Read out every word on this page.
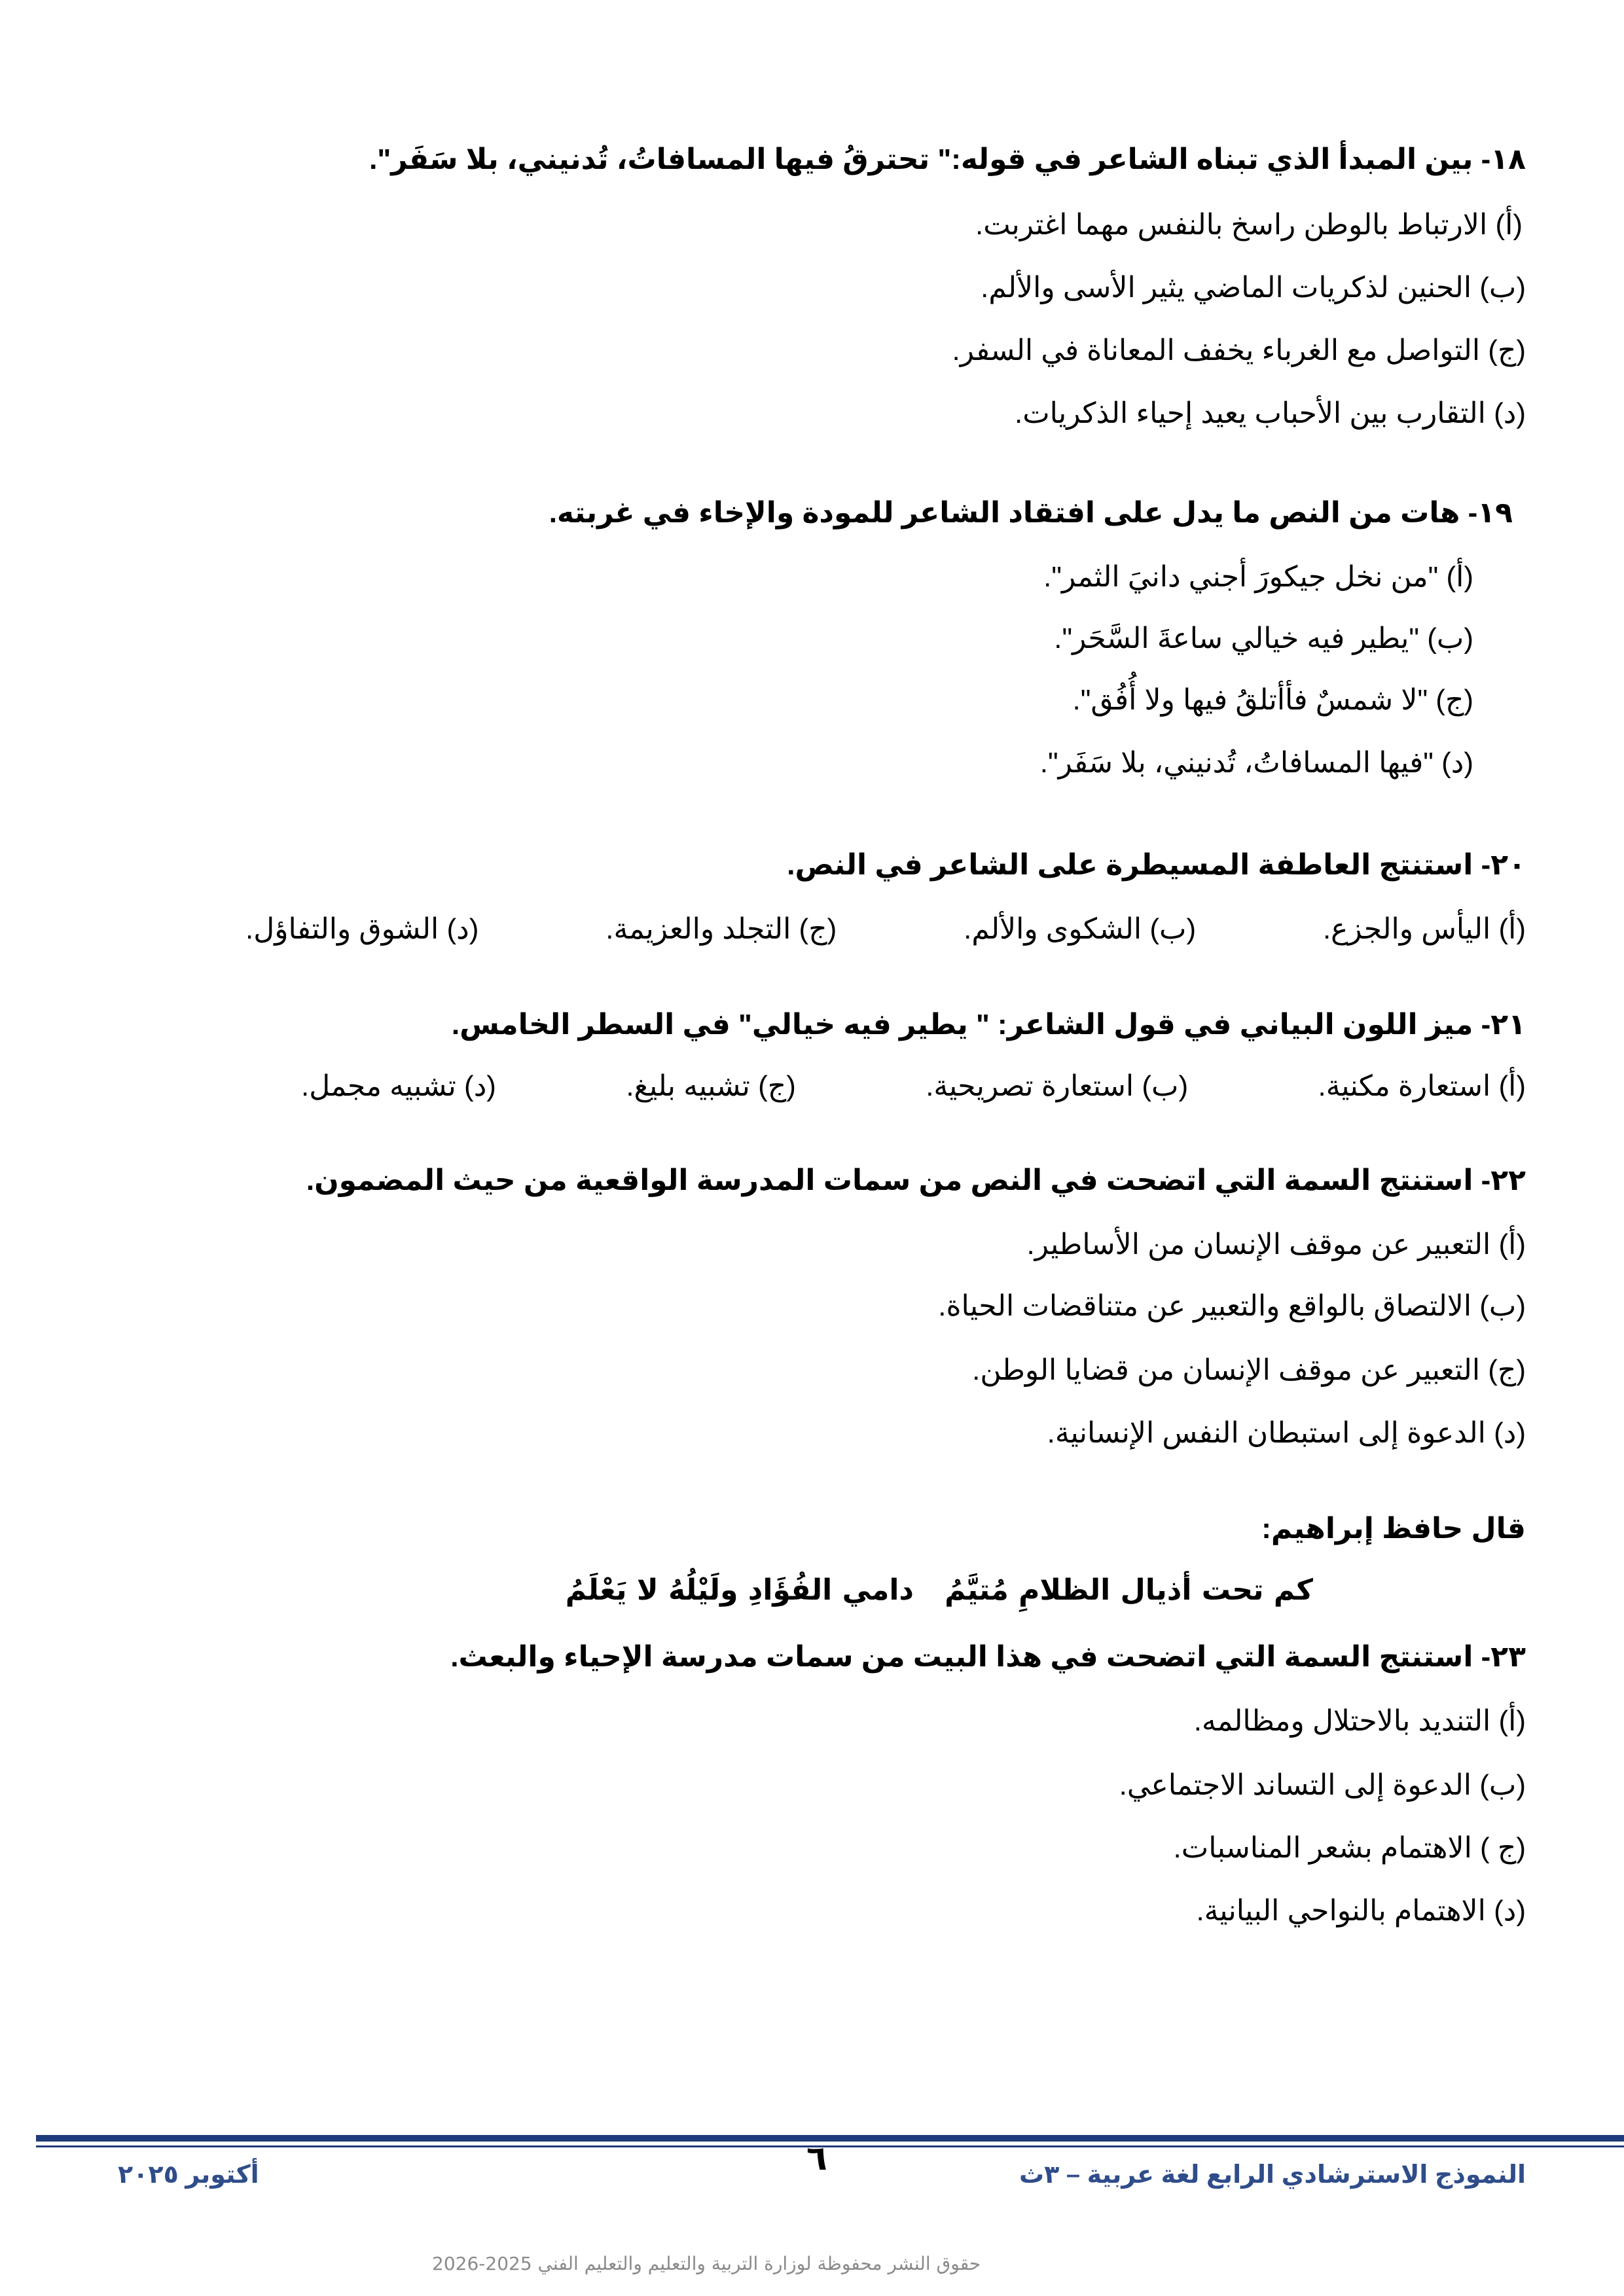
١٨- بين المبدأ الذي تبناه الشاعر في قوله:" تحترقُ فيها المسافاتُ، تُدنيني، بلا سَفَر".
(أ) الارتباط بالوطن راسخ بالنفس مهما اغتربت.
(ب) الحنين لذكريات الماضي يثير الأسى والألم.
(ج) التواصل مع الغرباء يخفف المعاناة في السفر.
(د) التقارب بين الأحباب يعيد إحياء الذكريات.
١٩- هات من النص ما يدل على افتقاد الشاعر للمودة والإخاء في غربته.
(أ) "من نخل جيكورَ أجني دانيَ الثمر".
(ب) "يطير فيه خيالي ساعةَ السَّحَر".
(ج) "لا شمسٌ فأأتلقُ فيها ولا أُفُق".
(د) "فيها المسافاتُ، تُدنيني، بلا سَفَر".
٢٠- استنتج العاطفة المسيطرة على الشاعر في النص.
(أ) اليأس والجزع.
(ب) الشكوى والألم.
(ج) التجلد والعزيمة.
(د) الشوق والتفاؤل.
٢١- ميز اللون البياني في قول الشاعر: " يطير فيه خيالي" في السطر الخامس.
(أ) استعارة مكنية.
(ب) استعارة تصريحية.
(ج) تشبيه بليغ.
(د) تشبيه مجمل.
٢٢- استنتج السمة التي اتضحت في النص من سمات المدرسة الواقعية من حيث المضمون.
(أ) التعبير عن موقف الإنسان من الأساطير.
(ب) الالتصاق بالواقع والتعبير عن متناقضات الحياة.
(ج) التعبير عن موقف الإنسان من قضايا الوطن.
(د) الدعوة إلى استبطان النفس الإنسانية.
قال حافظ إبراهيم:
كم تحت أذيال الظلامِ مُتيَّمُ
دامي الفُؤَادِ ولَيْلُهُ لا يَعْلَمُ
٢٣- استنتج السمة التي اتضحت في هذا البيت من سمات مدرسة الإحياء والبعث.
(أ) التنديد بالاحتلال ومظالمه.
(ب) الدعوة إلى التساند الاجتماعي.
(ج ) الاهتمام بشعر المناسبات.
(د) الاهتمام بالنواحي البيانية.
النموذج الاسترشادي الرابع لغة عربية – ٣ث
٦
أكتوبر ٢٠٢٥
حقوق النشر محفوظة لوزارة التربية والتعليم والتعليم الفني 2025-2026
